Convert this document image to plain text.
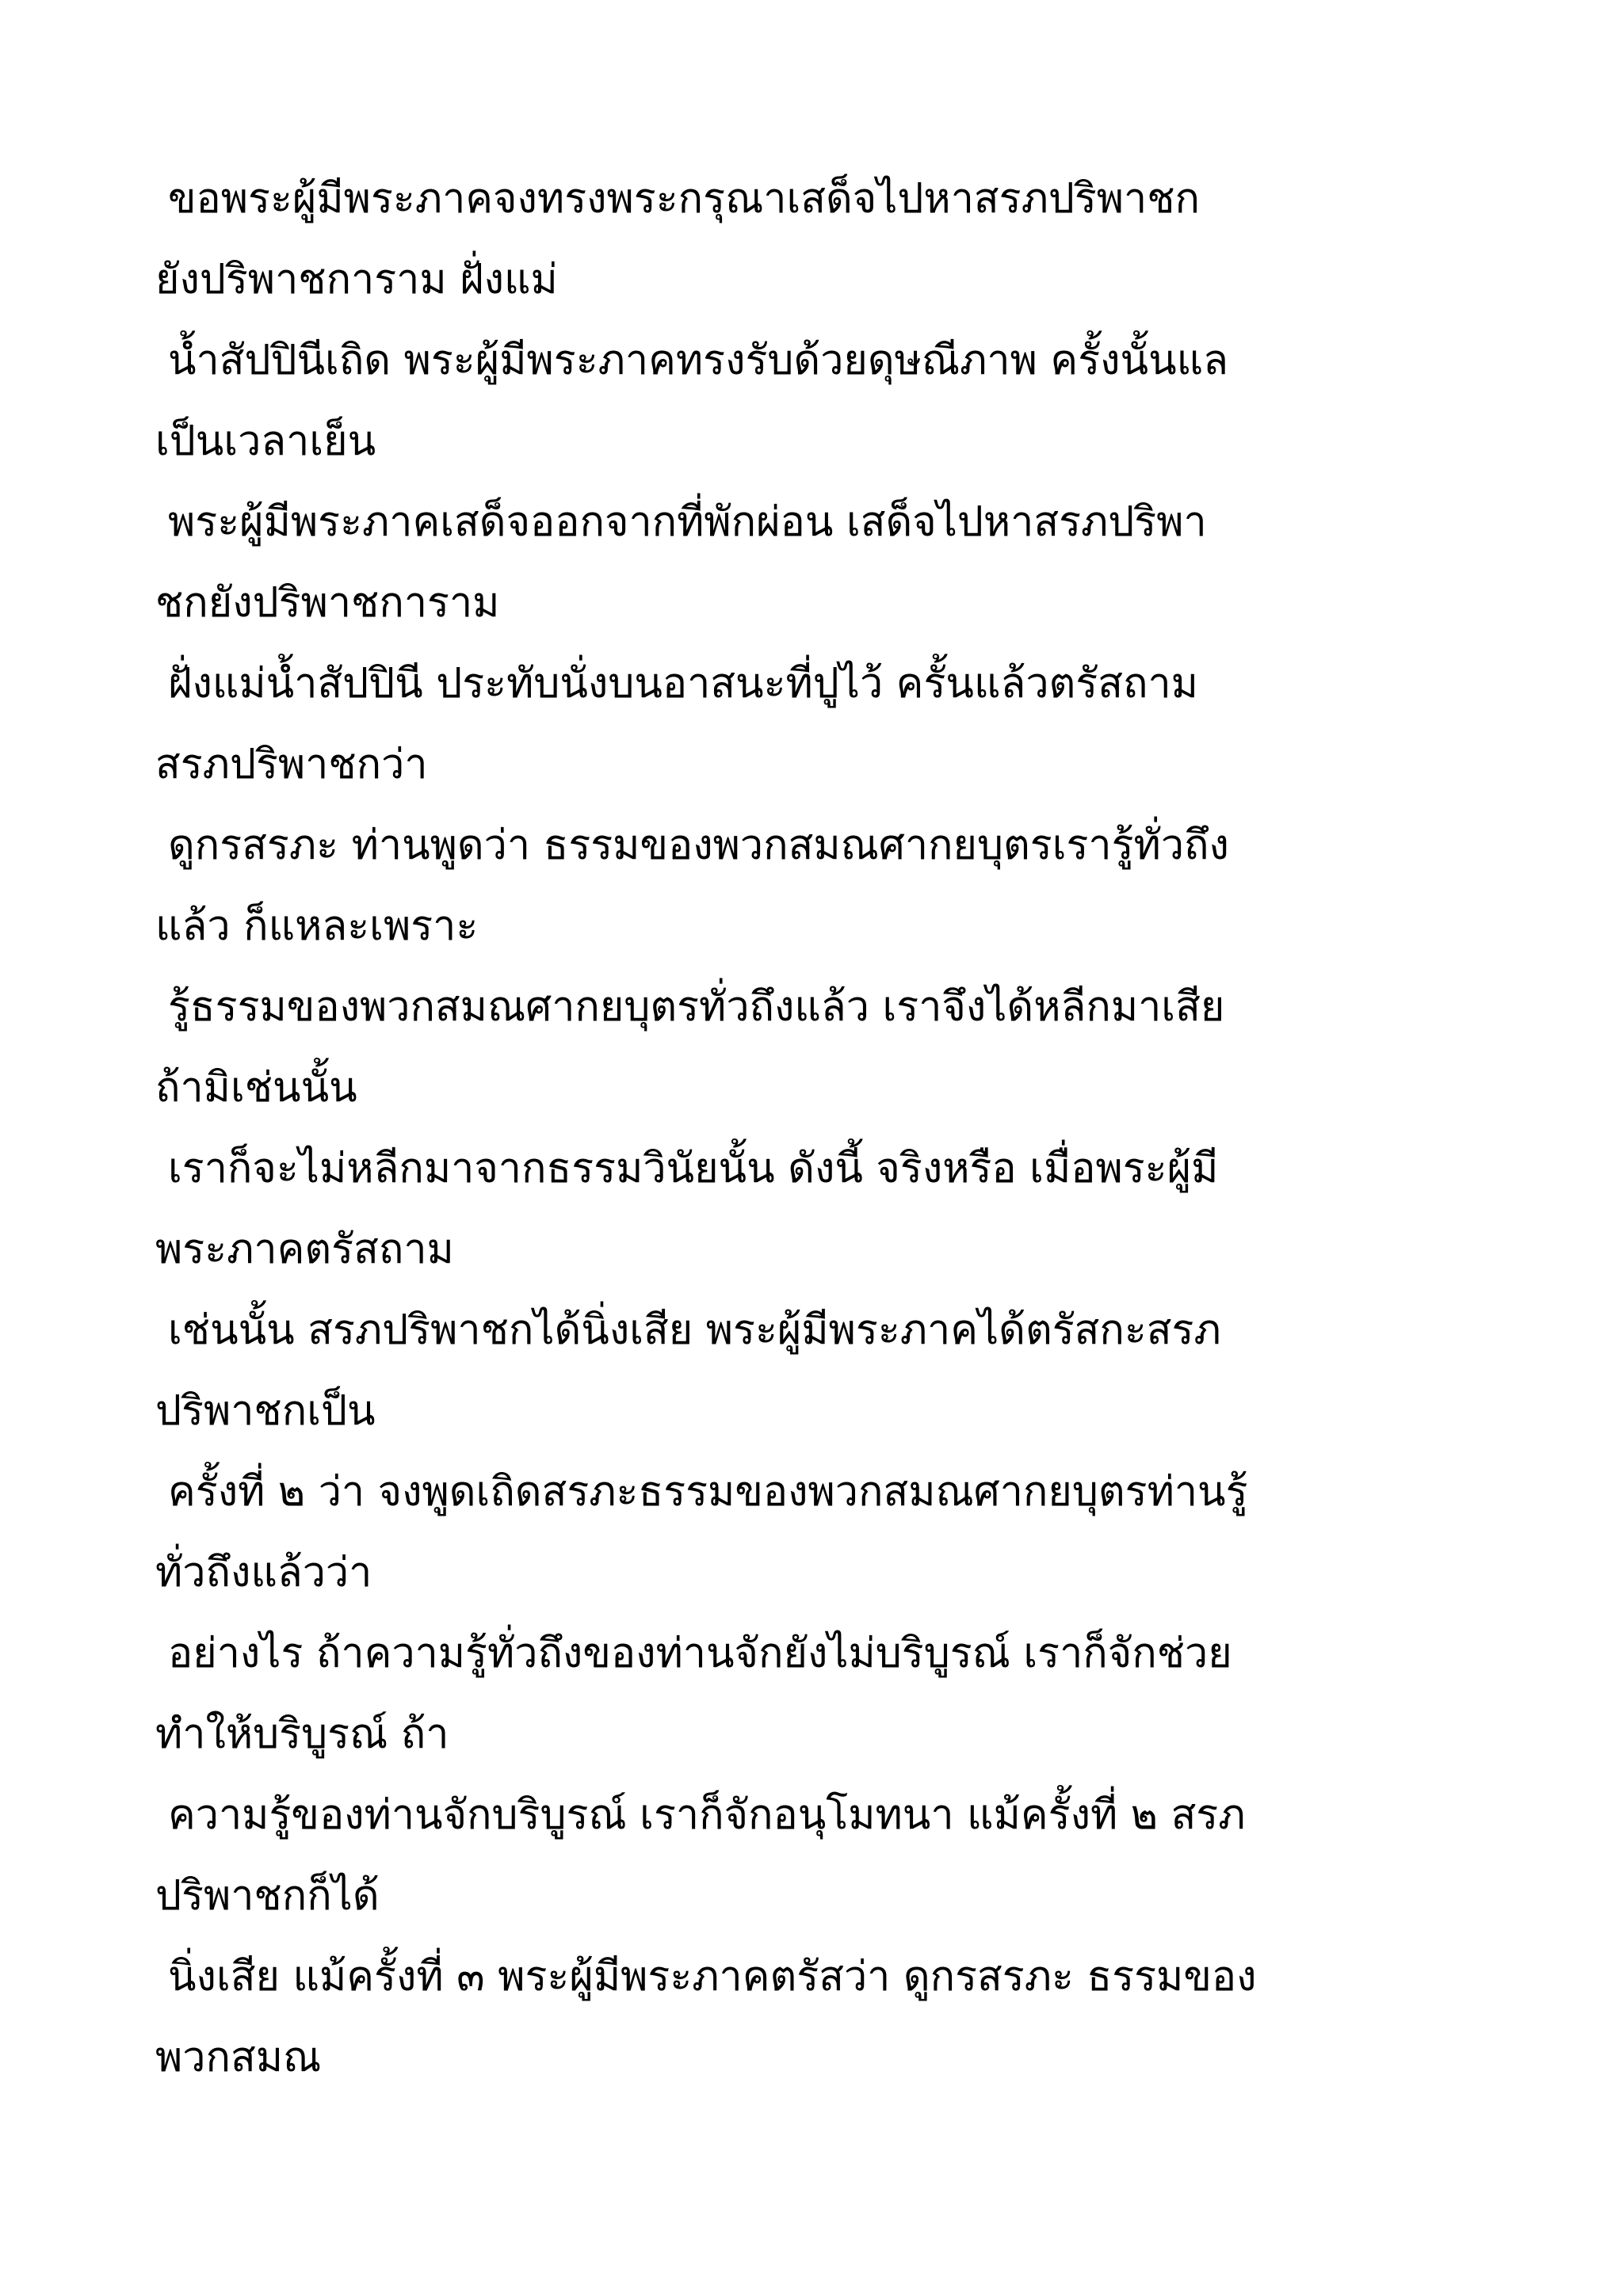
ขอพระผู้มีพระภาคจงทรงพระกรุณาเสด็จไปหาสรภปริพาชก
ยังปริพาชการาม ฝั่งแม่

น้ำสัปปินีเถิด พระผู้มีพระภาคทรงรับด้วยดุษณีภาพ ครั้งนั้นแล
เป็นเวลาเย็น

พระผู้มีพระภาคเสด็จออกจากที่พักผ่อน เสด็จไปหาสรภปริพา
ชกยังปริพาชการาม

ฝั่งแม่น้ำสัปปินี ประทับนั่งบนอาสนะที่ปูไว้ ครั้นแล้วตรัสถาม
สรภปริพาชกว่า

ดูกรสรภะ ท่านพูดว่า ธรรมของพวกสมณศากยบุตรเรารู้ทั่วถึง
แล้ว ก็แหละเพราะ

รู้ธรรมของพวกสมณศากยบุตรทั่วถึงแล้ว เราจึงได้หลีกมาเสีย
ถ้ามิเช่นนั้น

เราก็จะไม่หลีกมาจากธรรมวินัยนั้น ดังนี้ จริงหรือ เมื่อพระผู้มี
พระภาคตรัสถาม

เช่นนั้น สรภปริพาชกได้นิ่งเสีย พระผู้มีพระภาคได้ตรัสกะสรภ
ปริพาชกเป็น

ครั้งที่ ๒ ว่า จงพูดเถิดสรภะธรรมของพวกสมณศากยบุตรท่านรู้
ทั่วถึงแล้วว่า

อย่างไร ถ้าความรู้ทั่วถึงของท่านจักยังไม่บริบูรณ์ เราก็จักช่วย
ทำให้บริบูรณ์ ถ้า

ความรู้ของท่านจักบริบูรณ์ เราก็จักอนุโมทนา แม้ครั้งที่ ๒ สรภ
ปริพาชกก็ได้

นิ่งเสีย แม้ครั้งที่ ๓ พระผู้มีพระภาคตรัสว่า ดูกรสรภะ ธรรมของ
พวกสมณ
